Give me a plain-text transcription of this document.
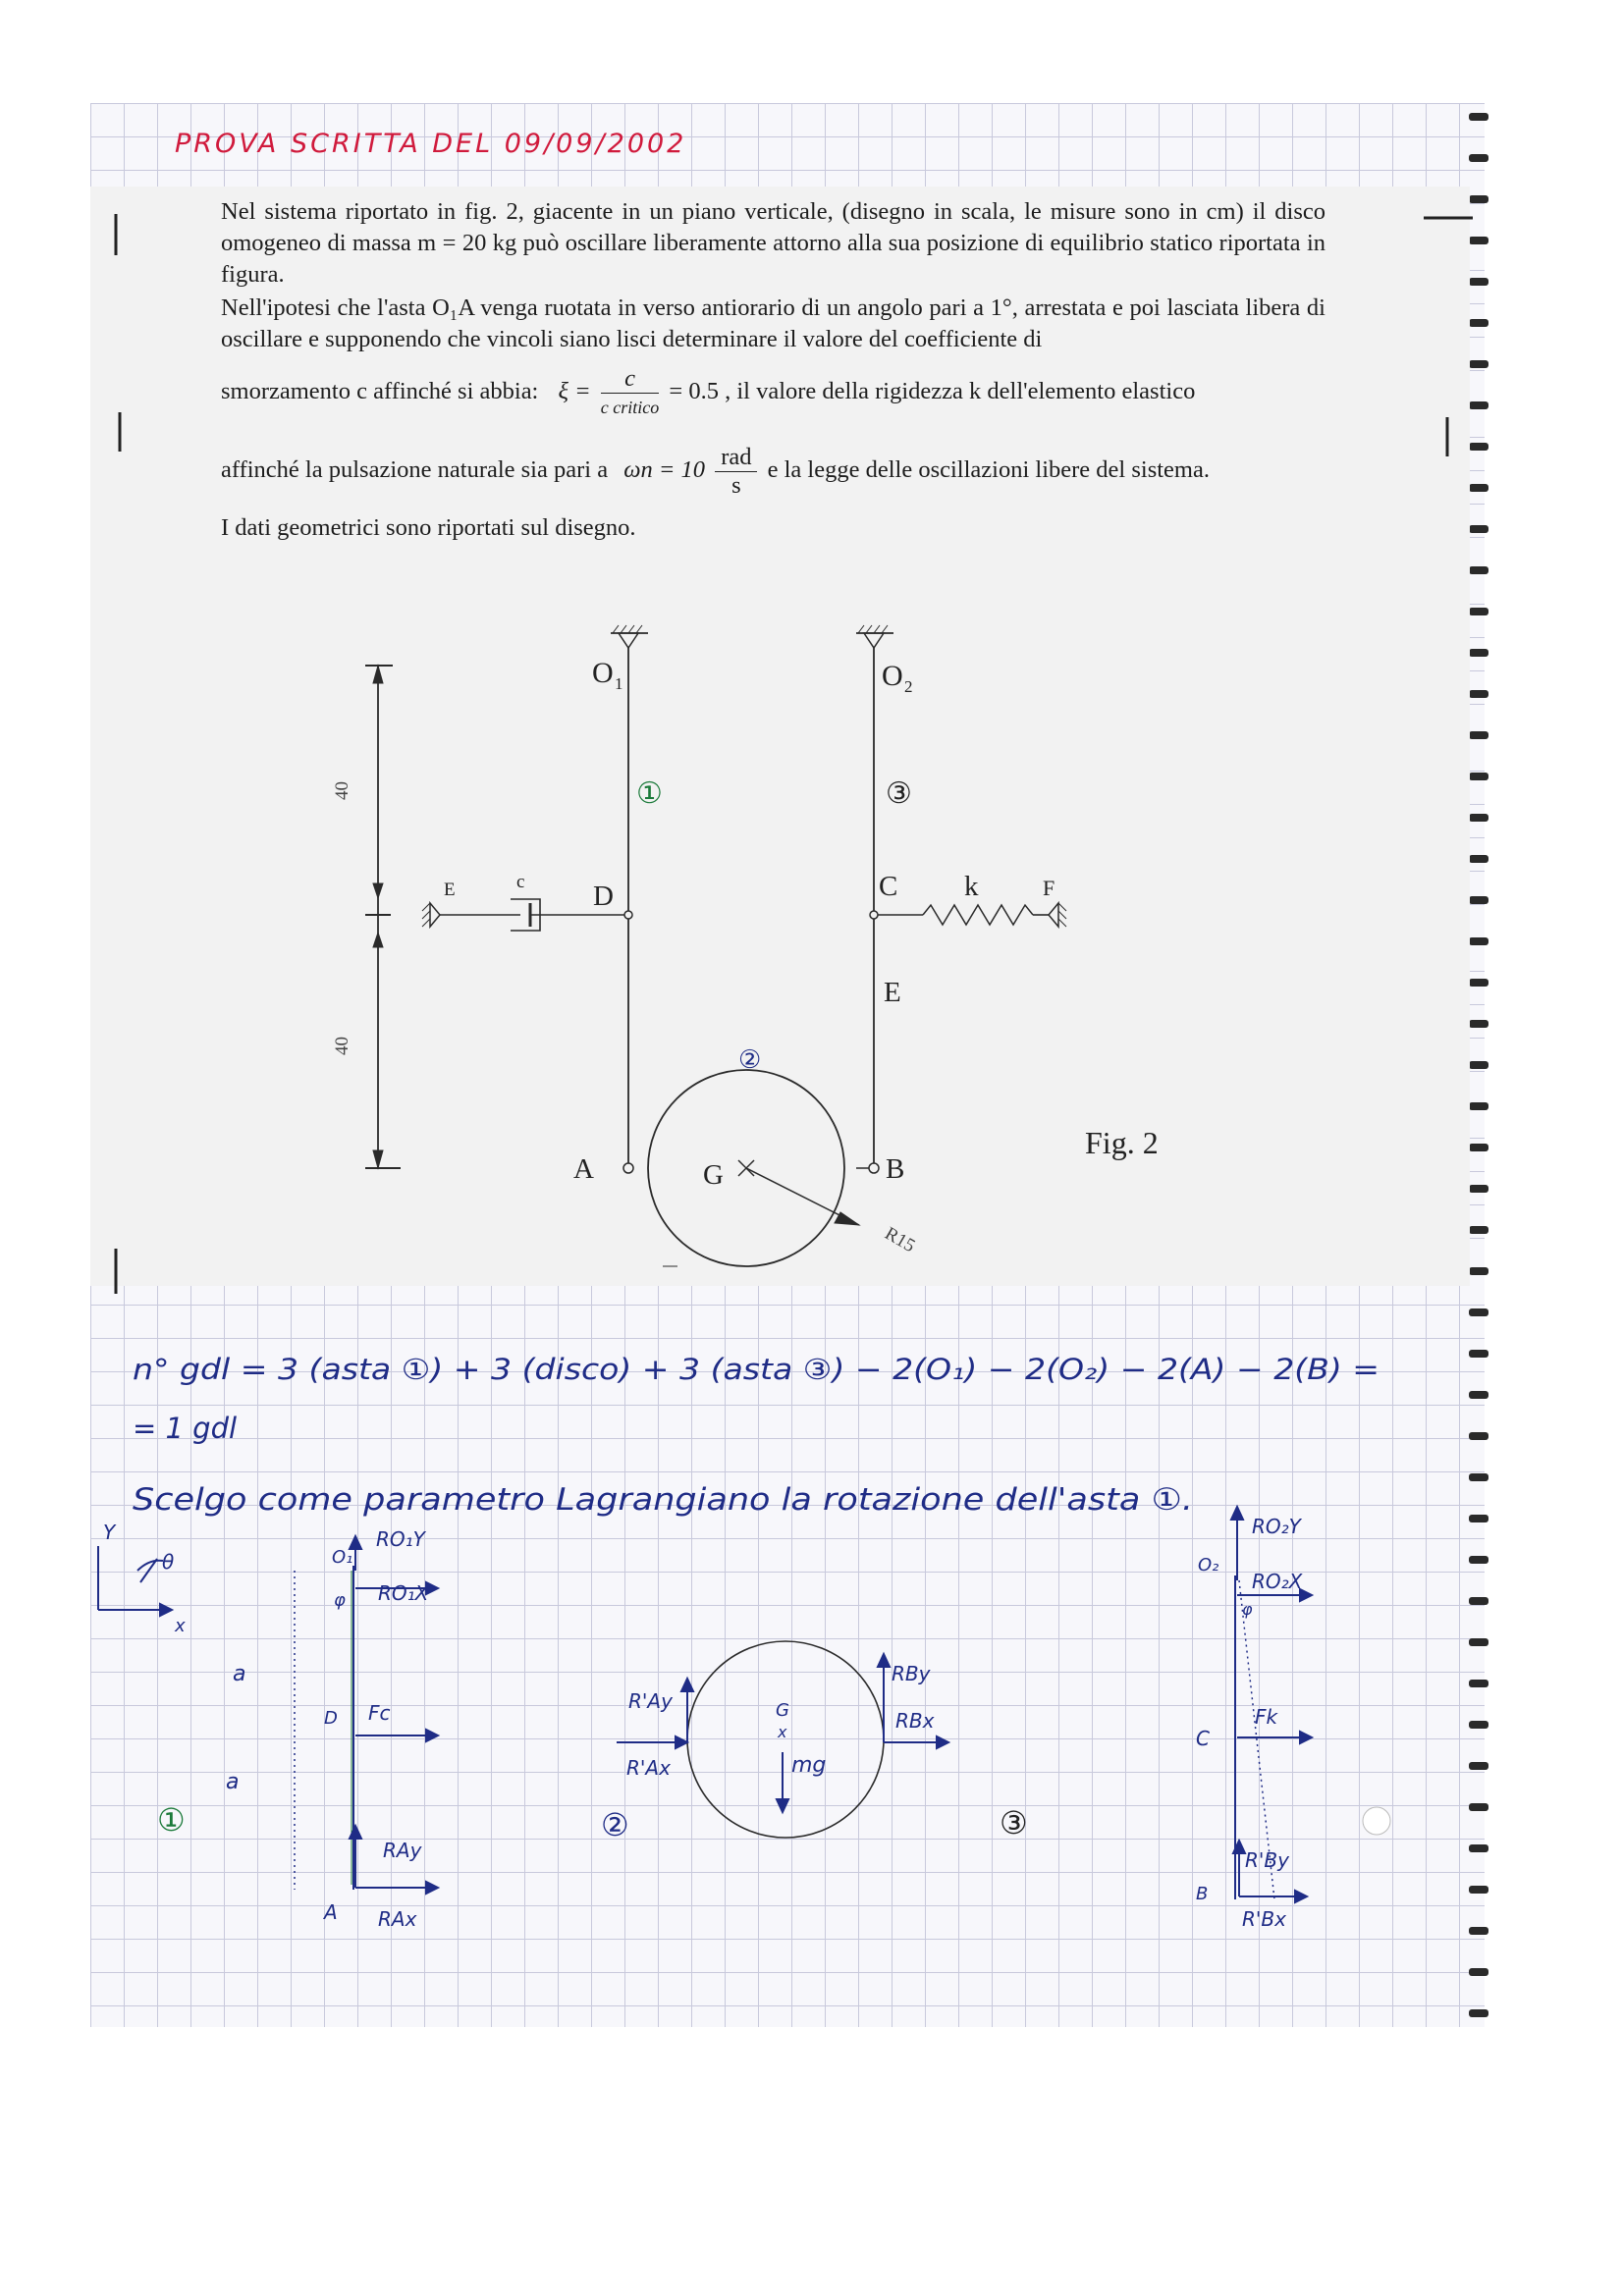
Nel sistema riportato in fig. 2, giacente in un piano verticale, (disegno in scala, le misure sono in cm) il disco omogeneo di massa m = 20 kg può oscillare liberamente attorno alla sua posizione di equilibrio statico riportata in figura.

Nell'ipotesi che l'asta O₁A venga ruotata in verso antiorario di un angolo pari a 1°, arrestata e poi lasciata libera di oscillare e supponendo che vincoli siano lisci determinare il valore del coefficiente di

smorzamento c affinché si abbia: $\xi = \frac{c}{\text{c critico}} = 0.5$ , il valore della rigidezza k dell'elemento elastico
affinché la pulsazione naturale sia pari a $\omega n = 10 \frac{\text{rad}}{s}$ e la legge delle oscillazioni libere del sistema.

I dati geometrici sono riportati sul disegno.

PROVA SCRITTA DEL 09/09/2002
40
40
O 1	O 2
D
E	c	C k	F
E
A	G	B
R15
Fig. 2
①
②
③
n° gdl = 3 (asta ①) + 3 (disco) + 3 (asta ③) − 2(O₁) − 2(O₂) − 2(A) − 2(B) =
= 1 gdl
Scelgo come parametro Lagrangiano la rotazione dell'asta ①.
Y
x
θ	O₁
RO₁Y
RO₁X
φ
a
D Fc
a
RAy
A RAx
①
R'Ay
R'Ax
RBy
RBx
G
x
mg
②
O₂
RO₂Y
RO₂X
φ
C
Fk
R'By
B
R'Bx
③
